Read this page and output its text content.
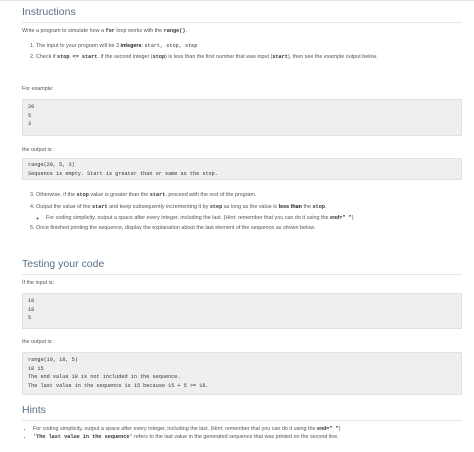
Instructions

Write a program to simulate how a for loop works with the range().

1. The input to your program will be 3 integers: start, stop, step
2. Check if stop <= start. If the second integer (stop) is less than the first number that was input (start), then see the example output below.

For example:

20
5
3

the output is:

range(20, 5, 3)
Sequence is empty. Start is greater than or same as the stop.
3. Otherwise, if the stop value is greater than the start, proceed with the rest of the program.
4. Output the value of the start and keep subsequently incrementing it by step as long as the value is less than the stop.
◦ For coding simplicity, output a space after every integer, including the last. (Hint: remember that you can do it using the end=" ")
5. Once finished printing the sequence, display the explanation about the last element of the sequence as shown below.
Testing your code

If the input is:

10
18
5

the output is:

range(10, 18, 5)
10 15
The end value 18 is not included in the sequence.
The last value in the sequence is 15 because 15 + 5 >= 18.
Hints
• For coding simplicity, output a space after every integer, including the last. (Hint: remember that you can do it using the end=" ")
• 'The last value in the sequence' refers to the last value in the generated sequence that was printed on the second line.
